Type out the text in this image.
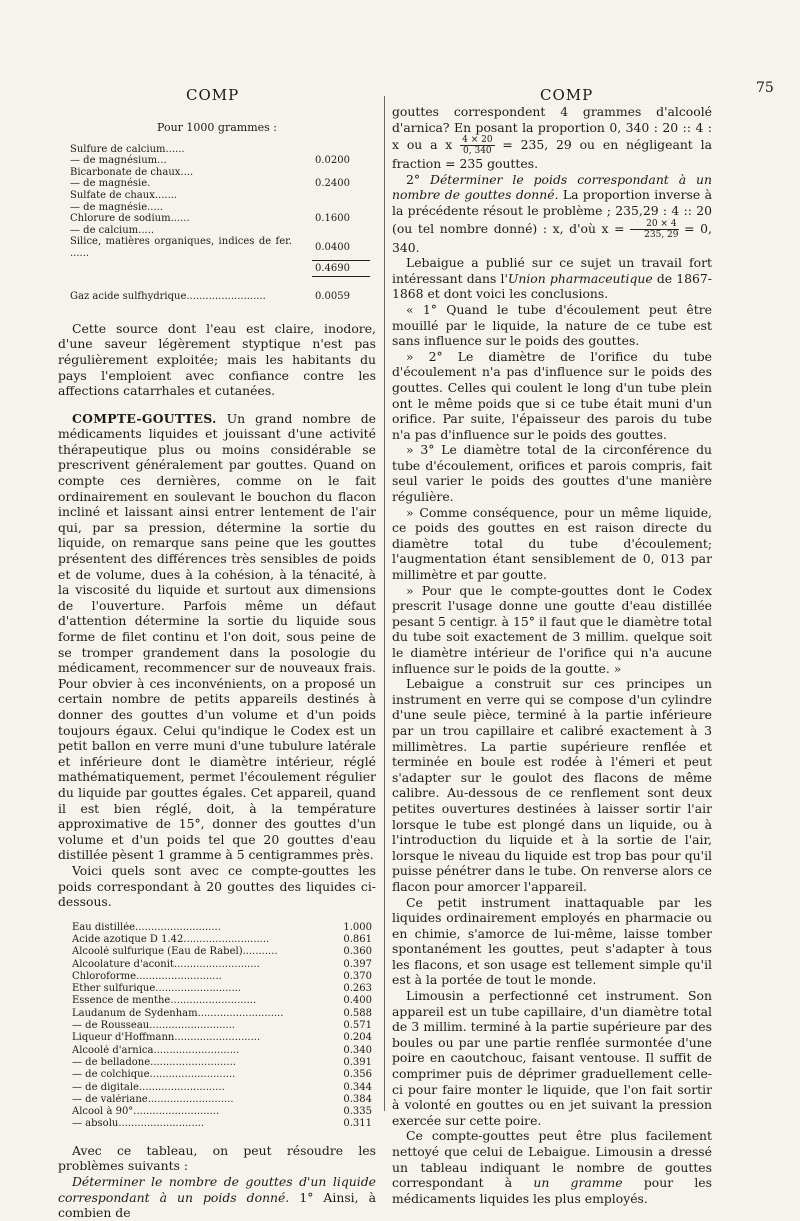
COMP	COMP	75
Pour 1000 grammes :
Sulfure de calcium......	
— de magnésium...	0.0200
Bicarbonate de chaux....	
— de magnésie.	0.2400
Sulfate de chaux.......	
— de magnésie.....	
Chlorure de sodium......	0.1600
— de calcium.....	
Silice, matières organiques, indices de fer. ......	0.0400
0.4690
Gaz acide sulfhydrique.........................	0.0059

Cette source dont l'eau est claire, inodore, d'une saveur légèrement styptique n'est pas régulièrement exploitée; mais les habitants du pays l'emploient avec confiance contre les affections catarrhales et cutanées.

COMPTE-GOUTTES. Un grand nombre de médicaments liquides et jouissant d'une activité thérapeutique plus ou moins considérable se prescrivent généralement par gouttes. Quand on compte ces dernières, comme on le fait ordinairement en soulevant le bouchon du flacon incliné et laissant ainsi entrer lentement de l'air qui, par sa pression, détermine la sortie du liquide, on remarque sans peine que les gouttes présentent des différences très sensibles de poids et de volume, dues à la cohésion, à la ténacité, à la viscosité du liquide et surtout aux dimensions de l'ouverture. Parfois même un défaut d'attention détermine la sortie du liquide sous forme de filet continu et l'on doit, sous peine de se tromper grandement dans la posologie du médicament, recommencer sur de nouveaux frais. Pour obvier à ces inconvénients, on a proposé un certain nombre de petits appareils destinés à donner des gouttes d'un volume et d'un poids toujours égaux. Celui qu'indique le Codex est un petit ballon en verre muni d'une tubulure latérale et inférieure dont le diamètre intérieur, réglé mathématiquement, permet l'écoulement régulier du liquide par gouttes égales. Cet appareil, quand il est bien réglé, doit, à la température approximative de 15°, donner des gouttes d'un volume et d'un poids tel que 20 gouttes d'eau distillée pèsent 1 gramme à 5 centigrammes près.

Voici quels sont avec ce compte-gouttes les poids correspondant à 20 gouttes des liquides ci-dessous.

Eau distillée...........................	1.000
Acide azotique D 1.42...........................	0.861
Alcoolé sulfurique (Eau de Rabel)...........	0.360
Alcoolature d'aconit...........................	0.397
Chloroforme...........................	0.370
Ether sulfurique...........................	0.263
Essence de menthe...........................	0.400
Laudanum de Sydenham...........................	0.588
— de Rousseau...........................	0.571
Liqueur d'Hoffmann...........................	0.204
Alcoolé d'arnica...........................	0.340
— de belladone...........................	0.391
— de colchique...........................	0.356
— de digitale...........................	0.344
— de valériane...........................	0.384
Alcool à 90°...........................	0.335
— absolu...........................	0.311

Avec ce tableau, on peut résoudre les problèmes suivants :

Déterminer le nombre de gouttes d'un liquide correspondant à un poids donné. 1° Ainsi, à combien de

gouttes correspondent 4 grammes d'alcoolé d'arnica? En posant la proportion 0, 340 : 20 :: 4 : x ou a x $\frac{4 \times 20}{0, 340} = 235$, 29 ou en négligeant la fraction = 235 gouttes.

2° Déterminer le poids correspondant à un nombre de gouttes donné. La proportion inverse à la précédente résout le problème ; 235,29 : 4 :: 20 (ou tel nombre donné) : x, d'où $x = \frac{20 \times 4}{235, 29} = 0$, 340.

Lebaigue a publié sur ce sujet un travail fort intéressant dans l'Union pharmaceutique de 1867-1868 et dont voici les conclusions.

« 1° Quand le tube d'écoulement peut être mouillé par le liquide, la nature de ce tube est sans influence sur le poids des gouttes.

» 2° Le diamètre de l'orifice du tube d'écoulement n'a pas d'influence sur le poids des gouttes. Celles qui coulent le long d'un tube plein ont le même poids que si ce tube était muni d'un orifice. Par suite, l'épaisseur des parois du tube n'a pas d'influence sur le poids des gouttes.

» 3° Le diamètre total de la circonférence du tube d'écoulement, orifices et parois compris, fait seul varier le poids des gouttes d'une manière régulière.

» Comme conséquence, pour un même liquide, ce poids des gouttes en est raison directe du diamètre total du tube d'écoulement; l'augmentation étant sensiblement de 0, 013 par millimètre et par goutte.

» Pour que le compte-gouttes dont le Codex prescrit l'usage donne une goutte d'eau distillée pesant 5 centigr. à 15° il faut que le diamètre total du tube soit exactement de 3 millim. quelque soit le diamètre intérieur de l'orifice qui n'a aucune influence sur le poids de la goutte. »

Lebaigue a construit sur ces principes un instrument en verre qui se compose d'un cylindre d'une seule pièce, terminé à la partie inférieure par un trou capillaire et calibré exactement à 3 millimètres. La partie supérieure renflée et terminée en boule est rodée à l'émeri et peut s'adapter sur le goulot des flacons de même calibre. Au-dessous de ce renflement sont deux petites ouvertures destinées à laisser sortir l'air lorsque le tube est plongé dans un liquide, ou à l'introduction du liquide et à la sortie de l'air, lorsque le niveau du liquide est trop bas pour qu'il puisse pénétrer dans le tube. On renverse alors ce flacon pour amorcer l'appareil.

Ce petit instrument inattaquable par les liquides ordinairement employés en pharmacie ou en chimie, s'amorce de lui-même, laisse tomber spontanément les gouttes, peut s'adapter à tous les flacons, et son usage est tellement simple qu'il est à la portée de tout le monde.

Limousin a perfectionné cet instrument. Son appareil est un tube capillaire, d'un diamètre total de 3 millim. terminé à la partie supérieure par des boules ou par une partie renflée surmontée d'une poire en caoutchouc, faisant ventouse. Il suffit de comprimer puis de déprimer graduellement celle-ci pour faire monter le liquide, que l'on fait sortir à volonté en gouttes ou en jet suivant la pression exercée sur cette poire.

Ce compte-gouttes peut être plus facilement nettoyé que celui de Lebaigue. Limousin a dressé un tableau indiquant le nombre de gouttes correspondant à un gramme pour les médicaments liquides les plus employés.
